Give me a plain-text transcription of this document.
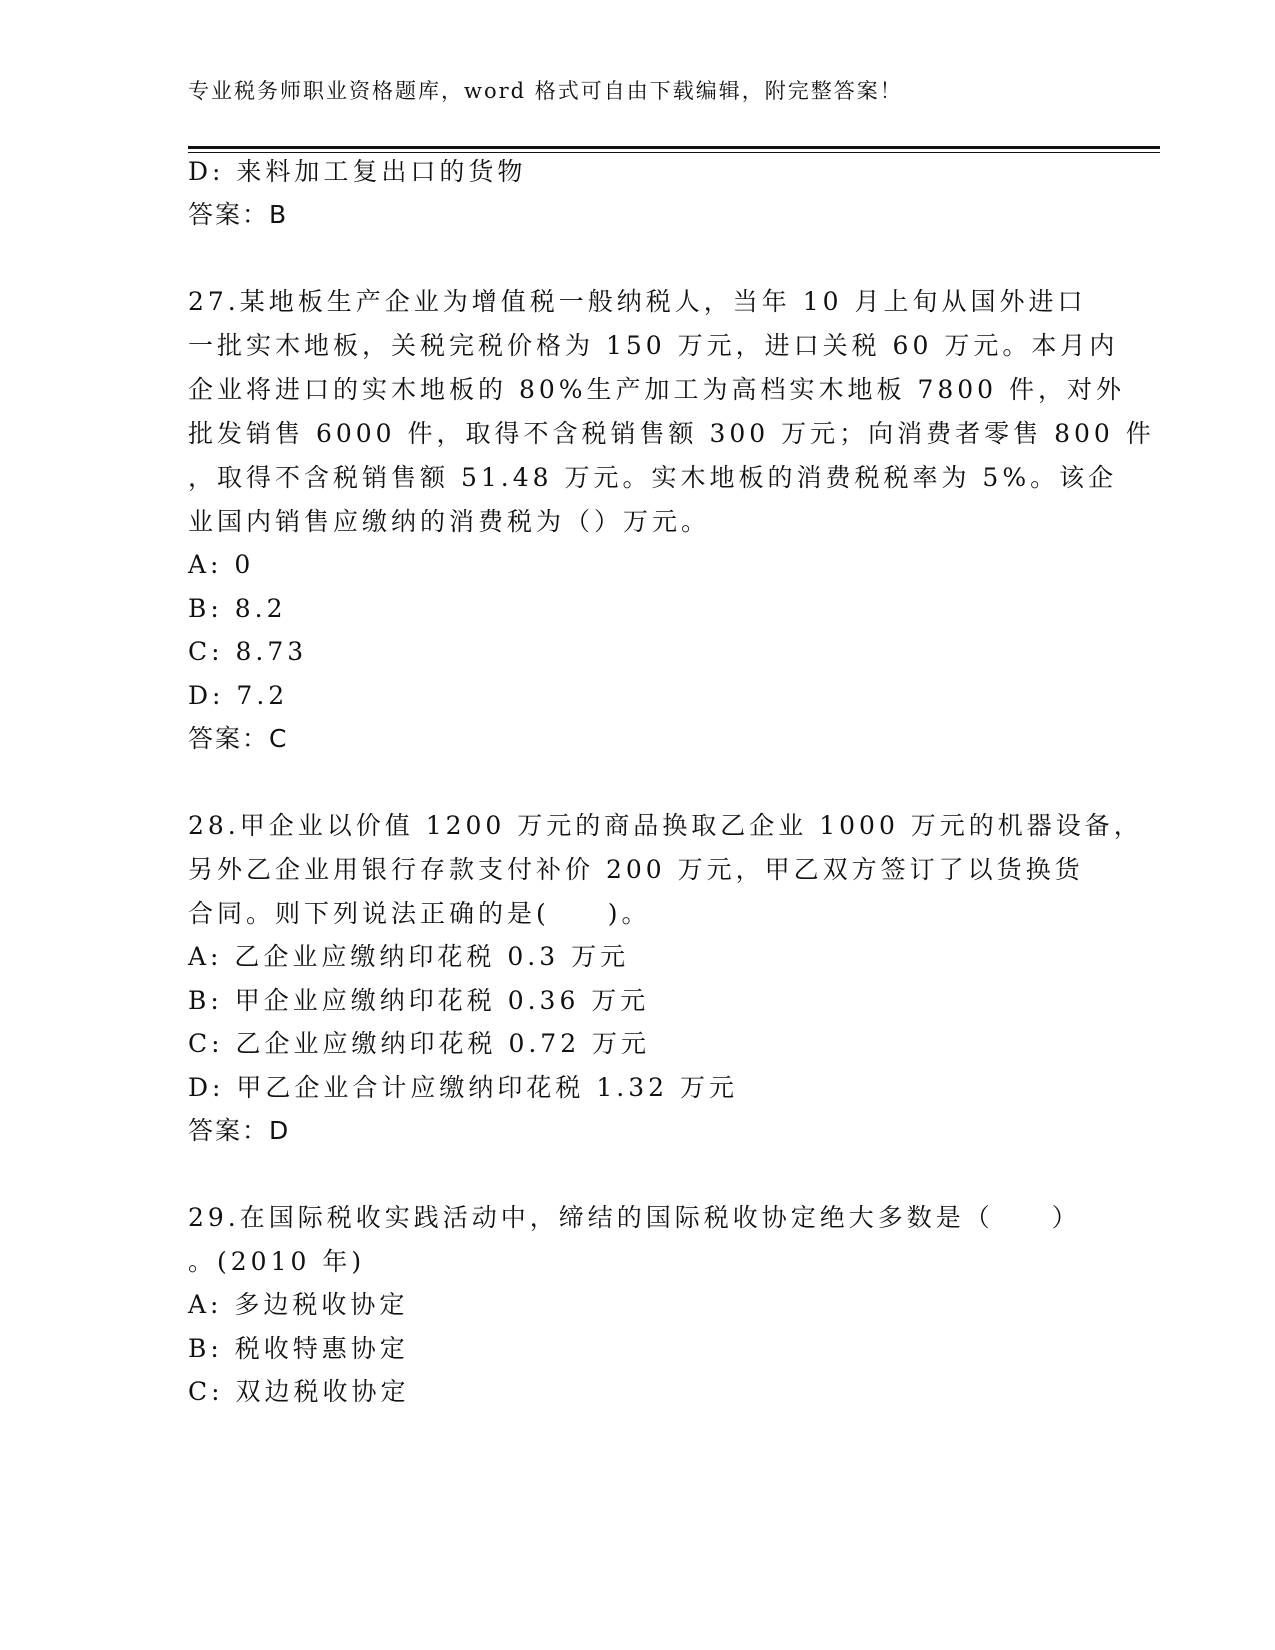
专业税务师职业资格题库，word 格式可自由下载编辑，附完整答案！
D: 来料加工复出口的货物
答案：B
27.某地板生产企业为增值税一般纳税人，当年 10 月上旬从国外进口
一批实木地板，关税完税价格为 150 万元，进口关税 60 万元。本月内
企业将进口的实木地板的 80%生产加工为高档实木地板 7800 件，对外
批发销售 6000 件，取得不含税销售额 300 万元；向消费者零售 800 件
，取得不含税销售额 51.48 万元。实木地板的消费税税率为 5%。该企
业国内销售应缴纳的消费税为（）万元。
A: 0
B: 8.2
C: 8.73
D: 7.2
答案：C
28.甲企业以价值 1200 万元的商品换取乙企业 1000 万元的机器设备，
另外乙企业用银行存款支付补价 200 万元，甲乙双方签订了以货换货
合同。则下列说法正确的是(　　)。
A: 乙企业应缴纳印花税 0.3 万元
B: 甲企业应缴纳印花税 0.36 万元
C: 乙企业应缴纳印花税 0.72 万元
D: 甲乙企业合计应缴纳印花税 1.32 万元
答案：D
29.在国际税收实践活动中，缔结的国际税收协定绝大多数是（　　）
。(2010 年)
A: 多边税收协定
B: 税收特惠协定
C: 双边税收协定
